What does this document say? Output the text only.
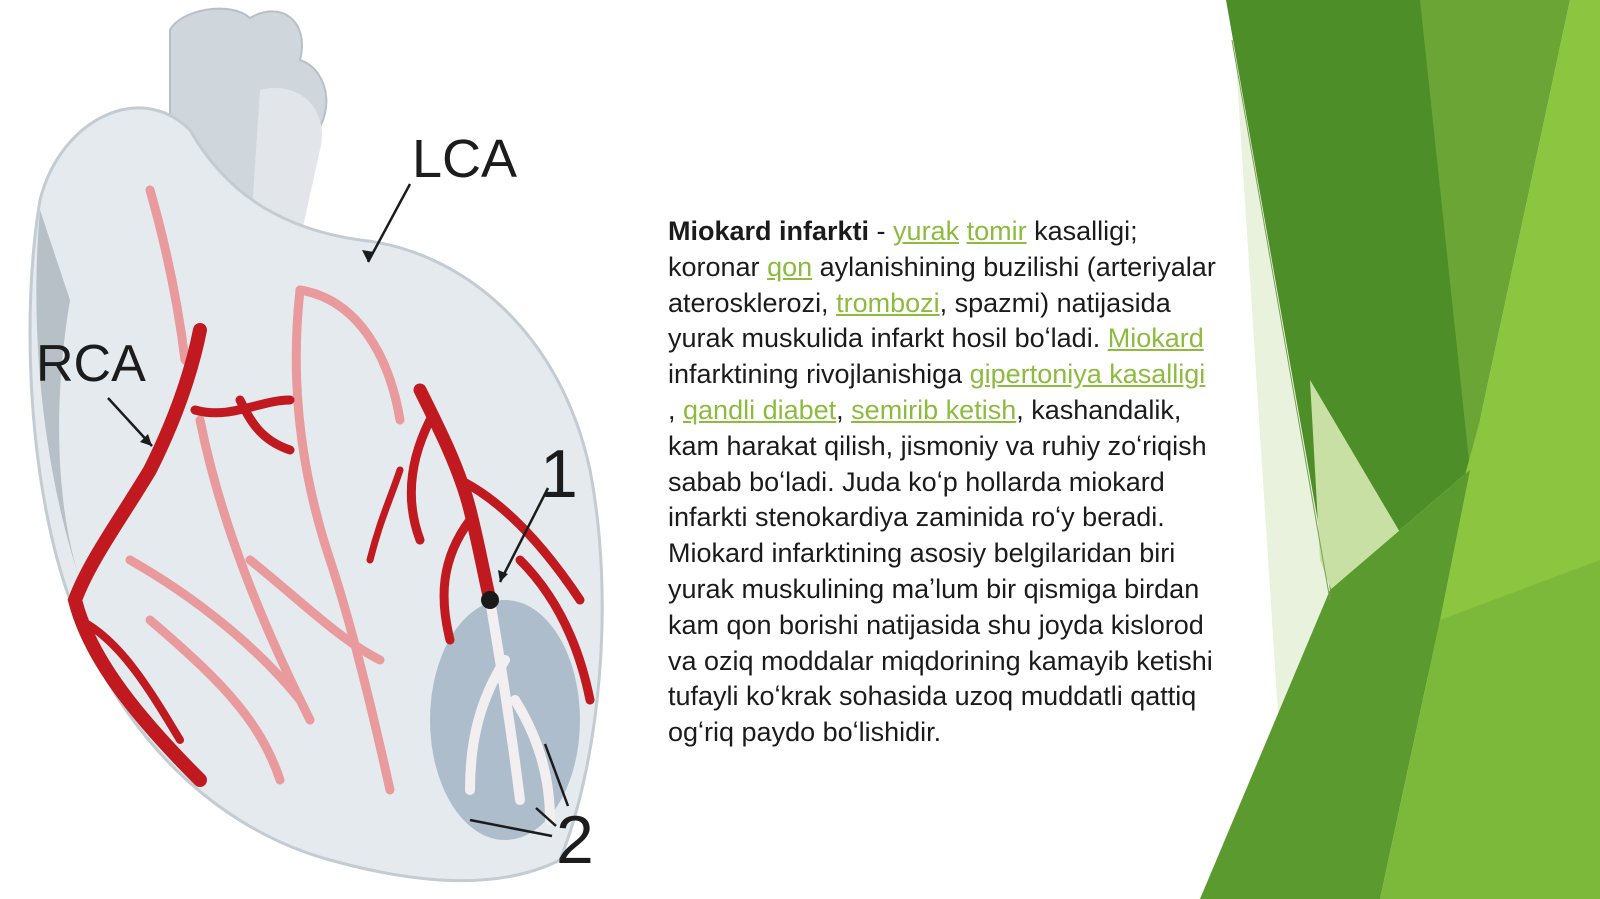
LCA
RCA
1
2
Miokard infarkti - yurak tomir kasalligi;
koronar qon aylanishining buzilishi (arteriyalar
aterosklerozi, trombozi, spazmi) natijasida
yurak muskulida infarkt hosil boʻladi. Miokard
infarktining rivojlanishiga gipertoniya kasalligi
, qandli diabet, semirib ketish, kashandalik,
kam harakat qilish, jismoniy va ruhiy zoʻriqish
sabab boʻladi. Juda koʻp hollarda miokard
infarkti stenokardiya zaminida roʻy beradi.
Miokard infarktining asosiy belgilaridan biri
yurak muskulining maʼlum bir qismiga birdan
kam qon borishi natijasida shu joyda kislorod
va oziq moddalar miqdorining kamayib ketishi
tufayli koʻkrak sohasida uzoq muddatli qattiq
ogʻriq paydo boʻlishidir.
